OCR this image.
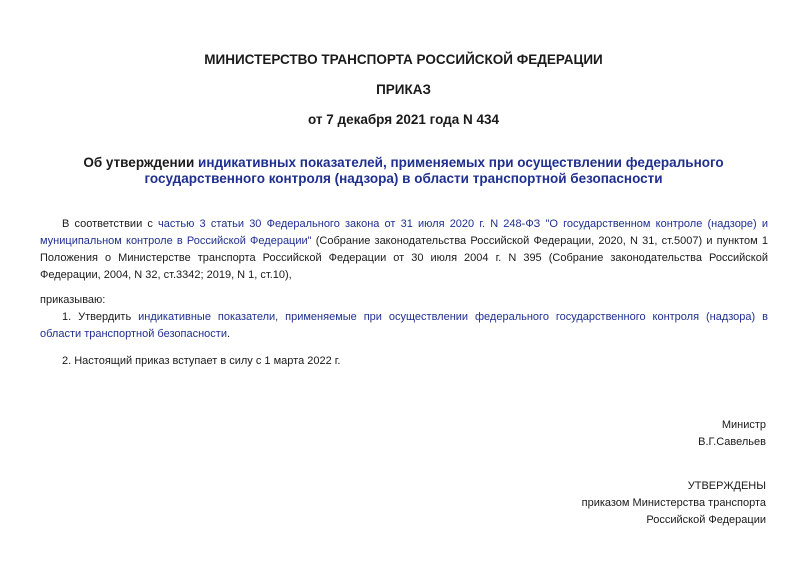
МИНИСТЕРСТВО ТРАНСПОРТА РОССИЙСКОЙ ФЕДЕРАЦИИ
ПРИКАЗ
от 7 декабря 2021 года N 434
Об утверждении индикативных показателей, применяемых при осуществлении федерального государственного контроля (надзора) в области транспортной безопасности
В соответствии с частью 3 статьи 30 Федерального закона от 31 июля 2020 г. N 248-ФЗ "О государственном контроле (надзоре) и муниципальном контроле в Российской Федерации" (Собрание законодательства Российской Федерации, 2020, N 31, ст.5007) и пунктом 1 Положения о Министерстве транспорта Российской Федерации от 30 июля 2004 г. N 395 (Собрание законодательства Российской Федерации, 2004, N 32, ст.3342; 2019, N 1, ст.10),
приказываю:
1. Утвердить индикативные показатели, применяемые при осуществлении федерального государственного контроля (надзора) в области транспортной безопасности.
2. Настоящий приказ вступает в силу с 1 марта 2022 г.
Министр
В.Г.Савельев
УТВЕРЖДЕНЫ
приказом Министерства транспорта
Российской Федерации
